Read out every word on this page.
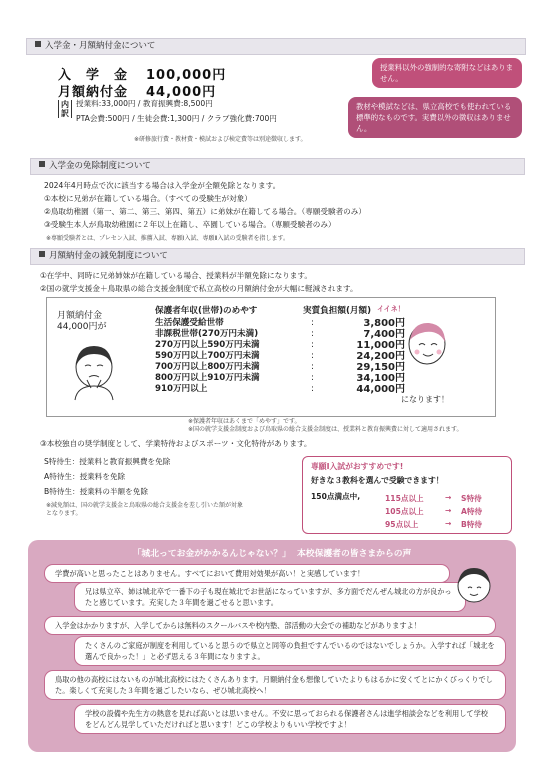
入学金・月額納付金について
入　学　金 100,000円
月額納付金 44,000円
内訳
授業料:33,000円 / 教育振興費:8,500円
PTA会費:500円 / 生徒会費:1,300円 / クラブ強化費:700円
※研修旅行費・教材費・模試および検定費等は別途徴収します。
授業料以外の強制的な寄附などはありません。
教材や模試などは、県立高校でも使われている標準的なものです。実費以外の徴収はありません。
入学金の免除制度について
2024年4月時点で次に該当する場合は入学金が全額免除となります。
①本校に兄弟が在籍している場合。（すべての受験生が対象）
②鳥取幼稚園（第一、第二、第三、第四、第五）に弟妹が在籍してる場合。（専願受験者のみ）
③受験生本人が鳥取幼稚園に２年以上在籍し、卒園している場合。（専願受験者のみ）
※専願受験者とは、プレセン入試、推薦入試、専願Ⅰ入試、専願Ⅱ入試の受験者を指します。
月額納付金の減免制度について
①在学中、同時に兄弟姉妹が在籍している場合、授業料が半額免除になります。
②国の就学支援金＋鳥取県の総合支援金制度で私立高校の月額納付金が大幅に軽減されます。
月額納付金
44,000円が
保護者年収(世帯)のめやす	実質負担額(月額)
生活保護受給世帯	:	3,800円
非課税世帯(270万円未満)	:	7,400円
270万円以上590万円未満	:	11,000円
590万円以上700万円未満	:	24,200円
700万円以上800万円未満	:	29,150円
800万円以上910万円未満	:	34,100円
910万円以上	:	44,000円
イイネ！
になります！
※保護者年収はあくまで「めやす」です。
※国の就学支援金制度および鳥取県の総合支援金制度は、授業料と教育振興費に対して適用されます。
③本校独自の奨学制度として、学業特待およびスポーツ・文化特待があります。
S特待生：授業料と教育振興費を免除
A特待生：授業料を免除
B特待生：授業料の半額を免除
※減免額は、国の就学支援金と鳥取県の総合支援金を差し引いた額が対象となります。
専願Ⅰ入試がおすすめです!
好きな３教科を選んで受験できます！
150点満点中,	115点以上	→ S特待
105点以上	→ A特待
95点以上	→ B特待
「城北ってお金がかかるんじゃない？」 本校保護者の皆さまからの声
学費が高いと思ったことはありません。すべてにおいて費用対効果が高い！と実感しています！
兄は県立卒、姉は城北卒で一番下の子も現在城北でお世話になっていますが、多方面でだんぜん城北の方が良かったと感じています。充実した３年間を過ごせると思います。
入学金はかかりますが、入学してからは無料のスクールバスや校内塾、部活動の大会での補助などがありますよ！
たくさんのご家庭が制度を利用していると思うので県立と同等の負担ですんでいるのではないでしょうか。入学すれば「城北を選んで良かった！」と必ず思える３年間になりますよ。
鳥取の他の高校にはないものが城北高校にはたくさんあります。月額納付金も想像していたよりもはるかに安くてとにかくびっくりでした。楽しくて充実した３年間を過ごしたいなら、ぜひ城北高校へ！
学校の設備や先生方の熱意を見れば高いとは思いません。不安に思っておられる保護者さんは進学相談会などを利用して学校をどんどん見学していただければと思います！どこの学校よりもいい学校ですよ！
